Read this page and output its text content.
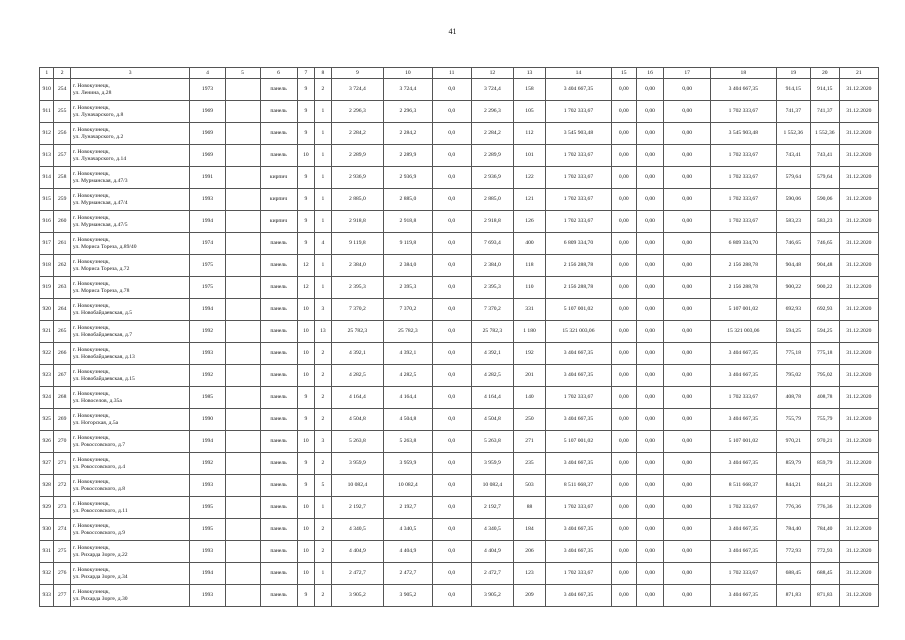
41
1	2	3	4	5	6	7	8	9	10	11	12	13	14	15	16	17	18	19	20	21
910	254	г. Новокузнецк,
ул. Ленина, д.28	1973		панель	9	2	3 724,4	3 724,4	0,0	3 724,4	158	3 404 667,35	0,00	0,00	0,00	3 404 667,35	914,15	914,15	31.12.2020
911	255	г. Новокузнецк,
ул. Луначарского, д.8	1969		панель	9	1	2 296,3	2 296,3	0,0	2 296,3	105	1 702 333,67	0,00	0,00	0,00	1 702 333,67	741,37	741,37	31.12.2020
912	256	г. Новокузнецк,
ул. Луначарского, д.2	1969		панель	9	1	2 284,2	2 284,2	0,0	2 284,2	112	3 545 903,48	0,00	0,00	0,00	3 545 903,48	1 552,36	1 552,36	31.12.2020
913	257	г. Новокузнецк,
ул. Луначарского, д.14	1969		панель	10	1	2 289,9	2 289,9	0,0	2 289,9	101	1 702 333,67	0,00	0,00	0,00	1 702 333,67	743,41	743,41	31.12.2020
914	258	г. Новокузнецк,
ул. Мурманская, д.47/3	1991		кирпич	9	1	2 936,9	2 936,9	0,0	2 936,9	122	1 702 333,67	0,00	0,00	0,00	1 702 333,67	579,64	579,64	31.12.2020
915	259	г. Новокузнецк,
ул. Мурманская, д.47/4	1993		кирпич	9	1	2 885,0	2 885,0	0,0	2 885,0	121	1 702 333,67	0,00	0,00	0,00	1 702 333,67	590,06	590,06	31.12.2020
916	260	г. Новокузнецк,
ул. Мурманская, д.47/5	1994		кирпич	9	1	2 918,8	2 918,8	0,0	2 918,8	126	1 702 333,67	0,00	0,00	0,00	1 702 333,67	583,23	583,23	31.12.2020
917	261	г. Новокузнецк,
ул. Мориса Тореза, д.89/40	1974		панель	9	4	9 119,8	9 119,8	0,0	7 693,4	400	6 809 334,70	0,00	0,00	0,00	6 809 334,70	746,65	746,65	31.12.2020
918	262	г. Новокузнецк,
ул. Мориса Тореза, д.72	1975		панель	12	1	2 384,0	2 384,0	0,0	2 384,0	118	2 156 288,78	0,00	0,00	0,00	2 156 288,78	904,48	904,48	31.12.2020
919	263	г. Новокузнецк,
ул. Мориса Тореза, д.78	1975		панель	12	1	2 395,3	2 395,3	0,0	2 395,3	110	2 156 288,78	0,00	0,00	0,00	2 156 288,78	900,22	900,22	31.12.2020
920	264	г. Новокузнецк,
ул. Новобайдаевская, д.5	1994		панель	10	3	7 370,2	7 370,2	0,0	7 370,2	331	5 107 001,02	0,00	0,00	0,00	5 107 001,02	692,93	692,93	31.12.2020
921	265	г. Новокузнецк,
ул. Новобайдаевская, д.7	1992		панель	10	13	25 782,3	25 782,3	0,0	25 782,3	1 180	15 321 003,06	0,00	0,00	0,00	15 321 003,06	594,25	594,25	31.12.2020
922	266	г. Новокузнецк,
ул. Новобайдаевская, д.13	1993		панель	10	2	4 392,1	4 392,1	0,0	4 392,1	192	3 404 667,35	0,00	0,00	0,00	3 404 667,35	775,18	775,18	31.12.2020
923	267	г. Новокузнецк,
ул. Новобайдаевская, д.15	1992		панель	10	2	4 282,5	4 282,5	0,0	4 282,5	201	3 404 667,35	0,00	0,00	0,00	3 404 667,35	795,02	795,02	31.12.2020
924	268	г. Новокузнецк,
ул. Новоселов, д.35а	1985		панель	9	2	4 164,4	4 164,4	0,0	4 164,4	140	1 702 333,67	0,00	0,00	0,00	1 702 333,67	408,78	408,78	31.12.2020
925	269	г. Новокузнецк,
ул. Ногорская, д.5а	1990		панель	9	2	4 504,8	4 504,8	0,0	4 504,8	250	3 404 667,35	0,00	0,00	0,00	3 404 667,35	755,79	755,79	31.12.2020
926	270	г. Новокузнецк,
ул. Рокоссовского, д.7	1994		панель	10	3	5 263,8	5 263,8	0,0	5 263,8	271	5 107 001,02	0,00	0,00	0,00	5 107 001,02	970,21	970,21	31.12.2020
927	271	г. Новокузнецк,
ул. Рокоссовского, д.4	1992		панель	9	2	3 959,9	3 959,9	0,0	3 959,9	235	3 404 667,35	0,00	0,00	0,00	3 404 667,35	859,79	859,79	31.12.2020
928	272	г. Новокузнецк,
ул. Рокоссовского, д.8	1993		панель	9	5	10 082,4	10 082,4	0,0	10 082,4	503	8 511 668,37	0,00	0,00	0,00	8 511 668,37	844,21	844,21	31.12.2020
929	273	г. Новокузнецк,
ул. Рокоссовского, д.11	1995		панель	10	1	2 192,7	2 192,7	0,0	2 192,7	88	1 702 333,67	0,00	0,00	0,00	1 702 333,67	776,36	776,36	31.12.2020
930	274	г. Новокузнецк,
ул. Рокоссовского, д.9	1995		панель	10	2	4 340,5	4 340,5	0,0	4 340,5	184	3 404 667,35	0,00	0,00	0,00	3 404 667,35	784,40	784,40	31.12.2020
931	275	г. Новокузнецк,
ул. Рихарда Зорге, д.22	1993		панель	10	2	4 404,9	4 404,9	0,0	4 404,9	206	3 404 667,35	0,00	0,00	0,00	3 404 667,35	772,93	772,93	31.12.2020
932	276	г. Новокузнецк,
ул. Рихарда Зорге, д.34	1994		панель	10	1	2 472,7	2 472,7	0,0	2 472,7	123	1 702 333,67	0,00	0,00	0,00	1 702 333,67	688,45	688,45	31.12.2020
933	277	г. Новокузнецк,
ул. Рихарда Зорге, д.30	1993		панель	9	2	3 905,2	3 905,2	0,0	3 905,2	209	3 404 667,35	0,00	0,00	0,00	3 404 667,35	871,83	871,83	31.12.2020
